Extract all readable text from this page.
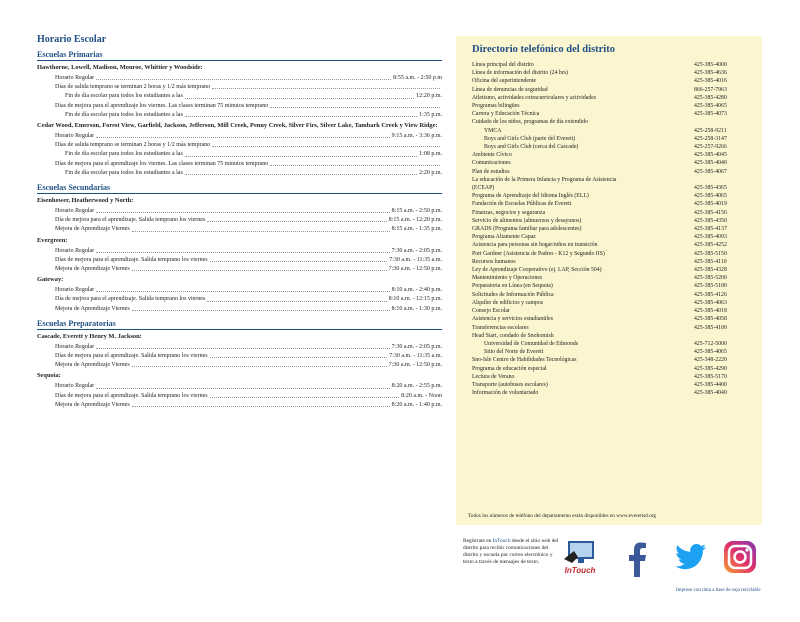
Horario Escolar
Escuelas Primarias
Hawthorne, Lowell, Madison, Monroe, Whittier y Woodside:
Horario Regular	8:55 a.m. - 2:50 p.m
Días de salida temprano se terminan 2 horas y 1/2 más temprano
Fin de día escolar para todos los estudiantes a las	12:20 p.m.
Días de mejora para el aprendizaje los viernes. Las clases terminan 75 minutos temprano
Fin de día escolar para todos los estudiantes a las	1:35 p.m.
Cedar Wood, Emerson, Forest View, Garfield, Jackson, Jefferson, Mill Creek, Penny Creek, Silver Firs, Silver Lake, Tambark Creek y View Ridge:
Horario Regular	9:15 a.m. - 3:36 p.m.
Días de salida temprano se terminan 2 horas y 1/2 más temprano
Fin de día escolar para todos los estudiantes a las	1:08 p.m.
Días de mejora para el aprendizaje los viernes. Las clases terminan 75 minutos temprano
Fin de día escolar para todos los estudiantes a las	2:20 p.m.
Escuelas Secundarias
Eisenhower, Heatherwood y North:
Horario Regular	8:15 a.m. - 2:50 p.m.
Día de mejora para el aprendizaje. Salida temprano los viernes	8:15 a.m. - 12:20 p.m.
Mejora de Aprendizaje Viernes	8:15 a.m. - 1:35 p.m.
Evergreen:
Horario Regular	7:30 a.m. - 2:05 p.m.
Días de mejora para el aprendizaje. Salida temprano los viernes	7:30 a.m. - 11:35 a.m.
Mejora de Aprendizaje Viernes	7:30 a.m. - 12:50 p.m.
Gateway:
Horario Regular	8:10 a.m. - 2:40 p.m.
Día de mejora para el aprendizaje. Salida temprano los viernes	8:10 a.m. - 12:15 p.m.
Mejora de Aprendizaje Viernes	8:10 a.m. - 1:30 p.m.
Escuelas Preparatorias
Cascade, Everett y Henry M. Jackson:
Horario Regular	7:30 a.m. - 2:05 p.m.
Días de mejora para el aprendizaje. Salida temprano los viernes	7:30 a.m. - 11:35 a.m.
Mejora de Aprendizaje Viernes	7:30 a.m. - 12:50 p.m.
Sequoia:
Horario Regular	8:20 a.m. - 2:55 p.m.
Días de mejora para el aprendizaje. Salida temprano los viernes	8:20 a.m. - Noon
Mejora de Aprendizaje Viernes	8:20 a.m. - 1:40 p.m.
Directorio telefónico del distrito
Línea principal del distrito	425-385-4000
Línea de información del distrito (24 hrs)	425-385-4636
Oficina del superintendente	425-385-4016
Línea de denuncias de seguridad	866-257-7963
Atletismo, actividades extracurriculares y actividades	425-385-4280
Programas bilingües	425-385-4065
Carrera y Educación Técnica	425-385-4073
Cuidado de los niños, programas de día extendido
YMCA	425-258-9211
Boys and Girls Club (parte del Everett)	425-258-3147
Boys and Girls Club (cerca del Cascade)	425-257-9266
Ambiente Cívico	425-385-4045
Comunicaciones	425-385-4040
Plan de estudios	425-385-4067
La educación de la Primera Infancia y Programa de Asistencia
(ECEAP)	425-385-4365
Programa de Aprendizaje del Idioma Inglés (ELL)	425-385-4065
Fundación de Escuelas Públicas de Everett	425-385-4019
Finanzas, negocios y seguranza	425-385-4156
Servicio de alimentos (almuerzos y desayunos)	425-385-4350
GRADS (Programa familiar para adolescentes)	425-385-4137
Programa Altamente Capaz	425-385-4093
Asistencia para personas sin hogar/niños en transición	425-385-4252
Port Gardner (Asistencia de Padres - K12 y Segundo IIS)	425-385-5150
Recursos humanos	425-385-4110
Ley de Aprendizaje Cooperativo (ej. LAP, Sección 504)	425-385-4328
Mantenimiento y Operaciones	425-385-5200
Preparatoria en Línea (en Sequoia)	425-385-5100
Solicitudes de Información Pública	425-385-4126
Alquiler de edificios y campos	425-385-4063
Consejo Escolar	425-385-4018
Asistencia y servicios estudiantiles	425-385-4058
Transferencias escolares	425-385-4100
Head Start, condado de Snohomish
Universidad de Comunidad de Edmonds	425-712-5000
Sitio del Norte de Everett	425-385-4065
Sno-Isle Centro de Habilidades Tecnológicas	425-348-2220
Programa de educación especial	425-385-4290
Lectura de Verano	425-385-5170
Transporte (autobuses escolares)	425-385-4400
Información de voluntariado	425-385-4040
Todos los números de teléfono del departamento están disponibles en www.everettsd.org
Regístrate en InTouch desde el sitio web del distrito para recibir comunicaciones del distrito y escuela por correo electrónico y texto a través de mensajes de texto.
InTouch
Impreso con tinta a base de soja reciclable
